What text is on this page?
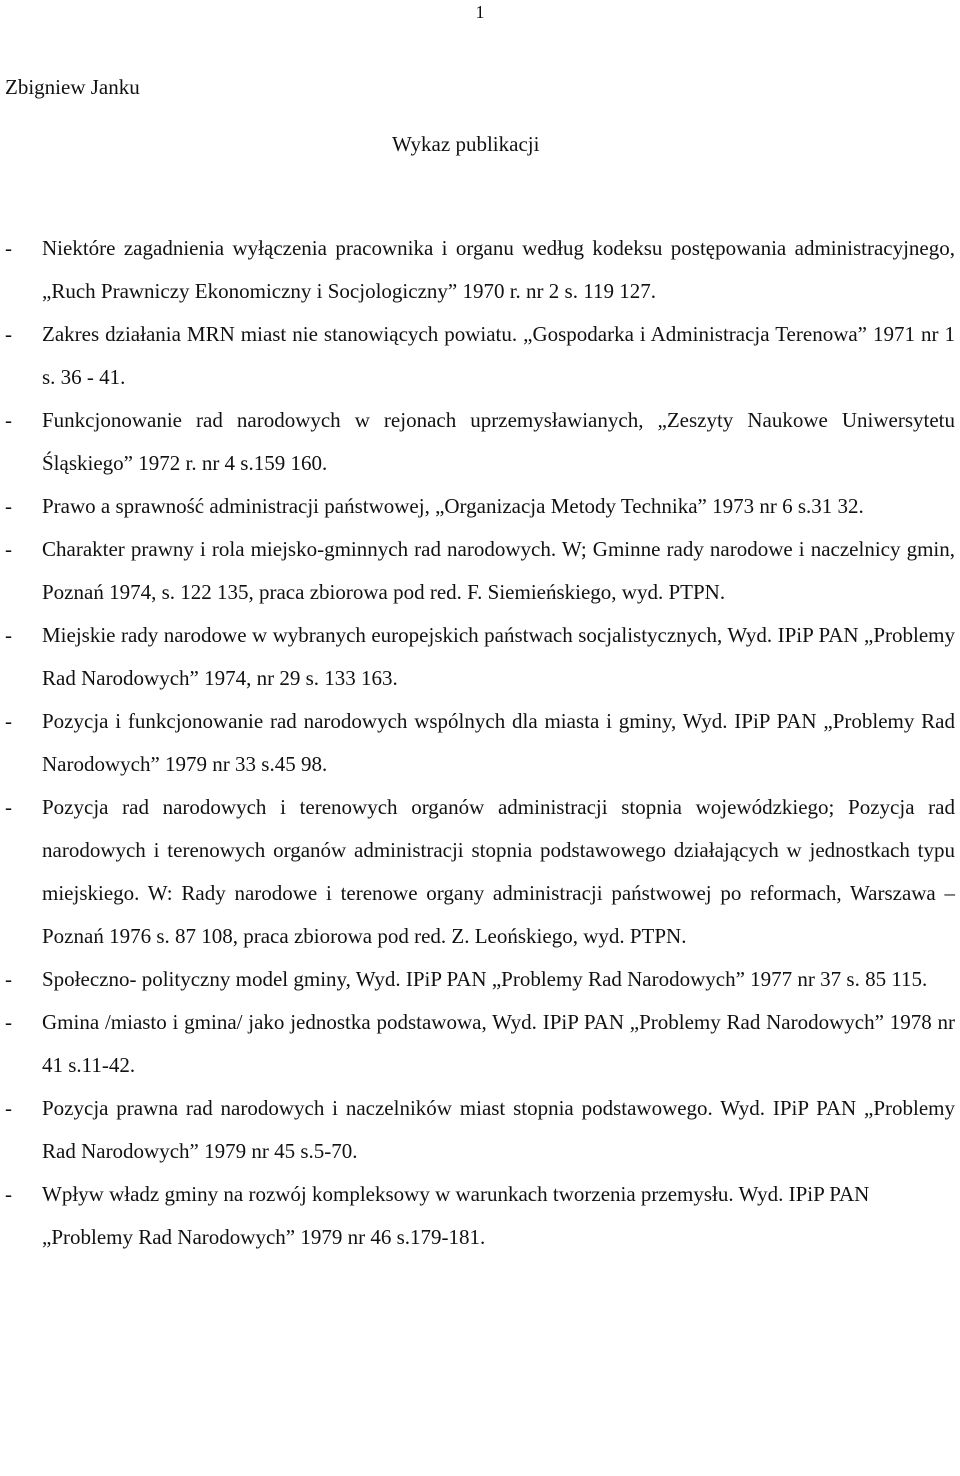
1
Zbigniew Janku
Wykaz publikacji
- Niektóre zagadnienia wyłączenia pracownika i organu według kodeksu postępowania administracyjnego, „Ruch Prawniczy Ekonomiczny i Socjologiczny” 1970 r. nr 2 s. 119 127.
- Zakres działania MRN miast nie stanowiących powiatu. „Gospodarka i Administracja Terenowa” 1971 nr 1 s. 36 - 41.
- Funkcjonowanie rad narodowych w rejonach uprzemysławianych, „Zeszyty Naukowe Uniwersytetu Śląskiego” 1972 r. nr 4 s.159 160.
- Prawo a sprawność administracji państwowej, „Organizacja Metody Technika” 1973 nr 6 s.31 32.
- Charakter prawny i rola miejsko-gminnych rad narodowych. W; Gminne rady narodowe i naczelnicy gmin, Poznań 1974, s. 122 135, praca zbiorowa pod red. F. Siemieńskiego, wyd. PTPN.
- Miejskie rady narodowe w wybranych europejskich państwach socjalistycznych, Wyd. IPiP PAN „Problemy Rad Narodowych” 1974, nr 29 s. 133 163.
- Pozycja i funkcjonowanie rad narodowych wspólnych dla miasta i gminy, Wyd. IPiP PAN „Problemy Rad Narodowych” 1979 nr 33 s.45 98.
- Pozycja rad narodowych i terenowych organów administracji stopnia wojewódzkiego; Pozycja rad narodowych i terenowych organów administracji stopnia podstawowego działających w jednostkach typu miejskiego. W: Rady narodowe i terenowe organy administracji państwowej po reformach, Warszawa – Poznań 1976 s. 87 108, praca zbiorowa pod red. Z. Leońskiego, wyd. PTPN.
- Społeczno- polityczny model gminy, Wyd. IPiP PAN „Problemy Rad Narodowych” 1977 nr 37 s. 85 115.
- Gmina /miasto i gmina/ jako jednostka podstawowa, Wyd. IPiP PAN „Problemy Rad Narodowych” 1978 nr 41 s.11-42.
- Pozycja prawna rad narodowych i naczelników miast stopnia podstawowego. Wyd. IPiP PAN „Problemy Rad Narodowych” 1979 nr 45 s.5-70.
- Wpływ władz gminy na rozwój kompleksowy w warunkach tworzenia przemysłu. Wyd. IPiP PAN „Problemy Rad Narodowych” 1979 nr 46 s.179-181.
